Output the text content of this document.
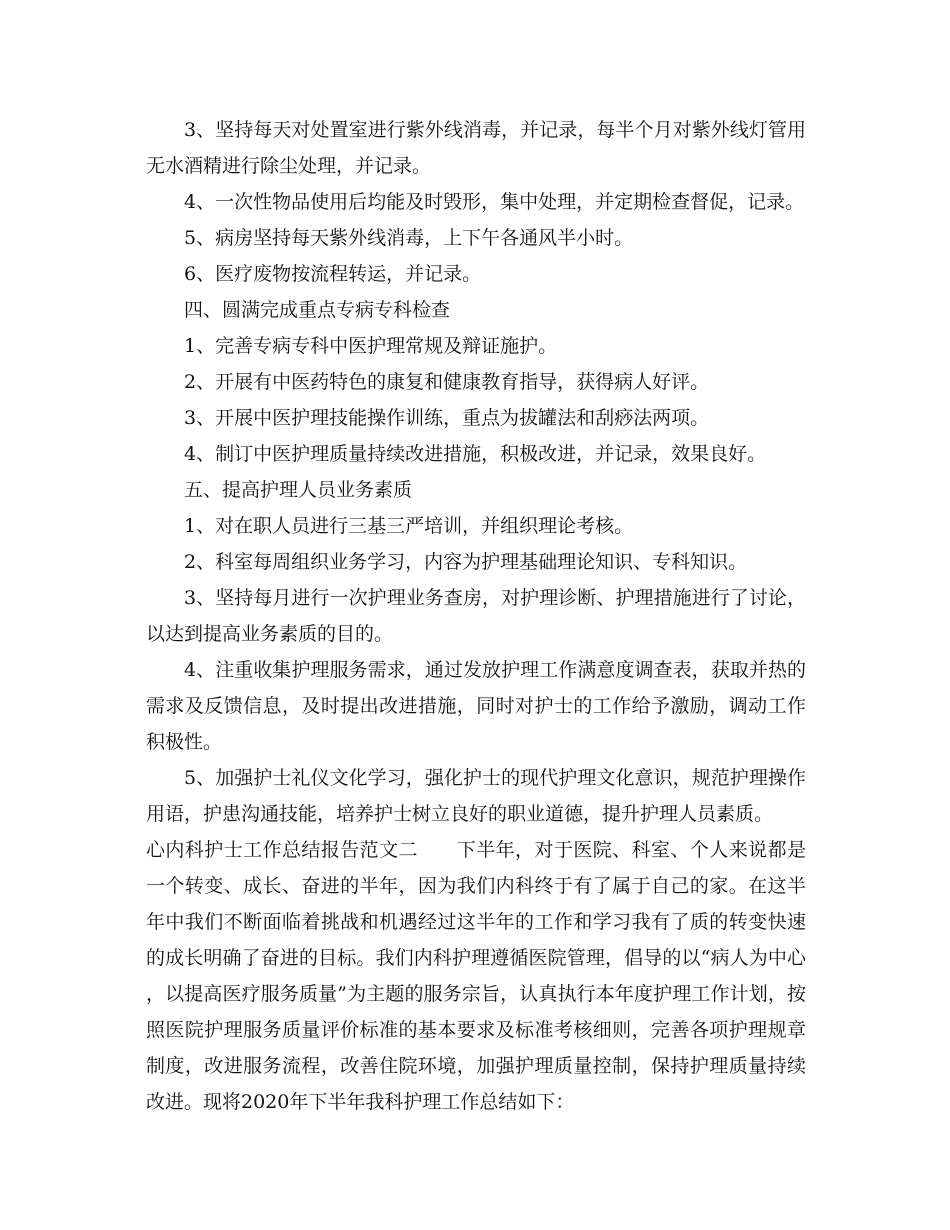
3、坚持每天对处置室进行紫外线消毒，并记录，每半个月对紫外线灯管用无水酒精进行除尘处理，并记录。

4、一次性物品使用后均能及时毁形，集中处理，并定期检查督促，记录。

5、病房坚持每天紫外线消毒，上下午各通风半小时。

6、医疗废物按流程转运，并记录。

四、圆满完成重点专病专科检查

1、完善专病专科中医护理常规及辩证施护。

2、开展有中医药特色的康复和健康教育指导，获得病人好评。

3、开展中医护理技能操作训练，重点为拔罐法和刮痧法两项。

4、制订中医护理质量持续改进措施，积极改进，并记录，效果良好。

五、提高护理人员业务素质

1、对在职人员进行三基三严培训，并组织理论考核。

2、科室每周组织业务学习，内容为护理基础理论知识、专科知识。

3、坚持每月进行一次护理业务查房，对护理诊断、护理措施进行了讨论，以达到提高业务素质的目的。

4、注重收集护理服务需求，通过发放护理工作满意度调查表，获取并热的需求及反馈信息，及时提出改进措施，同时对护士的工作给予激励，调动工作积极性。

5、加强护士礼仪文化学习，强化护士的现代护理文化意识，规范护理操作用语，护患沟通技能，培养护士树立良好的职业道德，提升护理人员素质。

心内科护士工作总结报告范文二　　下半年，对于医院、科室、个人来说都是一个转变、成长、奋进的半年，因为我们内科终于有了属于自己的家。在这半年中我们不断面临着挑战和机遇经过这半年的工作和学习我有了质的转变快速的成长明确了奋进的目标。我们内科护理遵循医院管理，倡导的以“病人为中心，以提高医疗服务质量”为主题的服务宗旨，认真执行本年度护理工作计划，按照医院护理服务质量评价标准的基本要求及标准考核细则，完善各项护理规章制度，改进服务流程，改善住院环境，加强护理质量控制，保持护理质量持续改进。现将2020年下半年我科护理工作总结如下：
